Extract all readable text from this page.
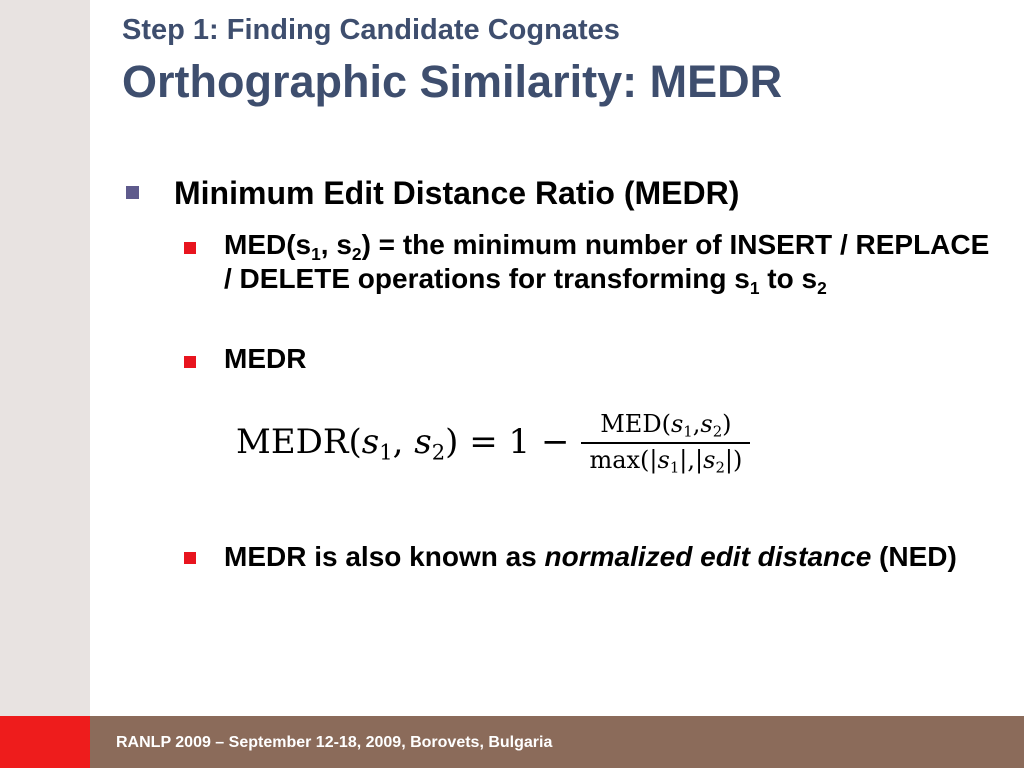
RANLP 2009 – September 12-18, 2009, Borovets, Bulgaria
Step 1: Finding Candidate Cognates
Orthographic Similarity: MEDR
Minimum Edit Distance Ratio (MEDR)
$MED(s_1$, $s_2$) = the minimum number of INSERT / REPLACE / DELETE operations for transforming $s_1$ to $s_2$
MEDR
MEDR(s1, $s2) = 1 - \frac{\text{MED(s1,s2)}}{\max(|s1|,|s2|)}$
MEDR is also known as normalized edit distance (NED)
